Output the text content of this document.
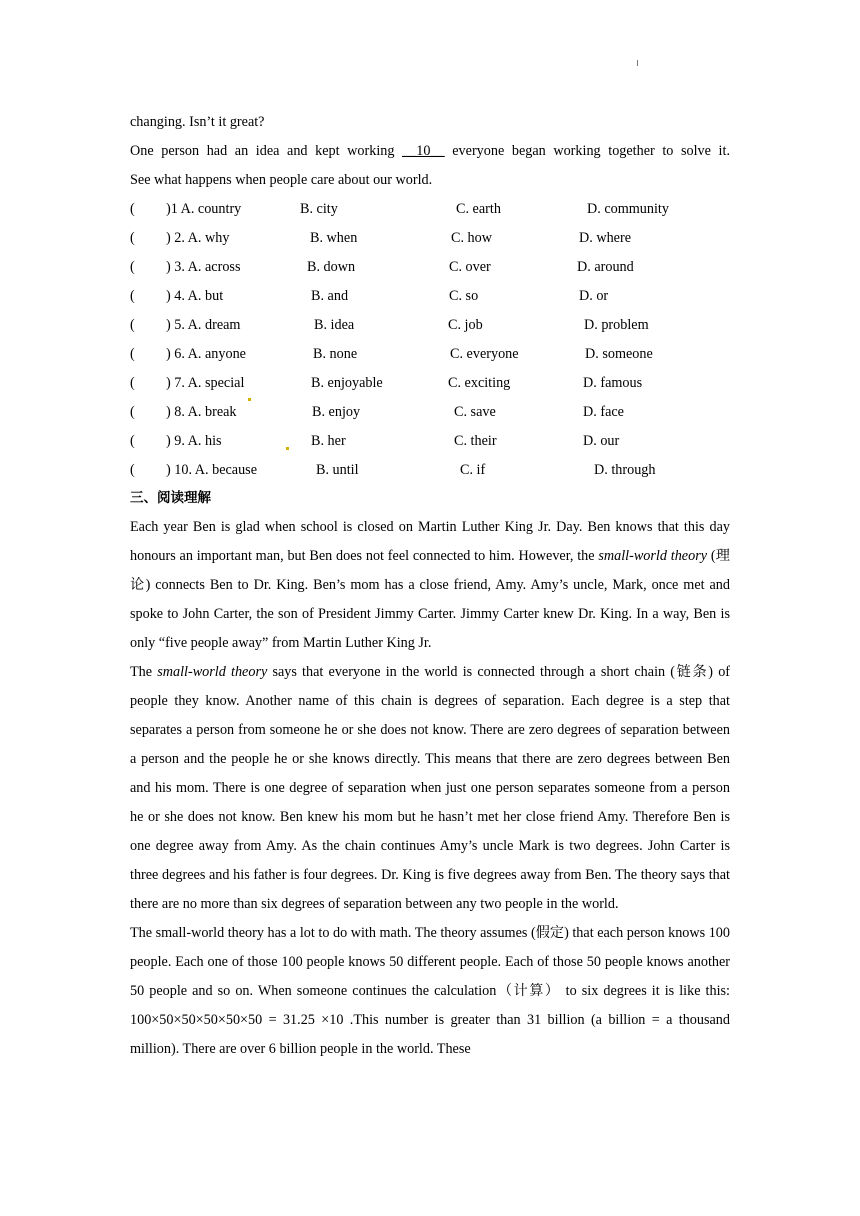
changing. Isn’t it great?
One person had an idea and kept working __10__ everyone began working together to solve it.
See what happens when people care about our world.
( )1 A. country	B. city	C. earth	D. community
( ) 2. A. why	B. when	C. how	D. where
( ) 3. A. across	B. down	C. over	D. around
( ) 4. A. but	B. and	C. so	D. or
( ) 5. A. dream	B. idea	C. job	D. problem
( ) 6. A. anyone	B. none	C. everyone	D. someone
( ) 7. A. special	B. enjoyable	C. exciting	D. famous
( ) 8. A. break	B. enjoy	C. save	D. face
( ) 9. A. his	B. her	C. their	D. our
( ) 10. A. because	B. until	C. if	D. through
三、阅读理解

Each year Ben is glad when school is closed on Martin Luther King Jr. Day. Ben knows that this day honours an important man, but Ben does not feel connected to him. However, the small-world theory (理论) connects Ben to Dr. King. Ben’s mom has a close friend, Amy. Amy’s uncle, Mark, once met and spoke to John Carter, the son of President Jimmy Carter. Jimmy Carter knew Dr. King. In a way, Ben is only “five people away” from Martin Luther King Jr.

The small-world theory says that everyone in the world is connected through a short chain (链条) of people they know. Another name of this chain is degrees of separation. Each degree is a step that separates a person from someone he or she does not know. There are zero degrees of separation between a person and the people he or she knows directly. This means that there are zero degrees between Ben and his mom. There is one degree of separation when just one person separates someone from a person he or she does not know. Ben knew his mom but he hasn’t met her close friend Amy. Therefore Ben is one degree away from Amy. As the chain continues Amy’s uncle Mark is two degrees. John Carter is three degrees and his father is four degrees. Dr. King is five degrees away from Ben. The theory says that there are no more than six degrees of separation between any two people in the world.

The small-world theory has a lot to do with math. The theory assumes (假定) that each person knows 100 people. Each one of those 100 people knows 50 different people. Each of those 50 people knows another 50 people and so on. When someone continues the calculation（计算） to six degrees it is like this: 100×50×50×50×50×50 = 31.25 ×10 .This number is greater than 31 billion (a billion = a thousand million). There are over 6 billion people in the world. These
